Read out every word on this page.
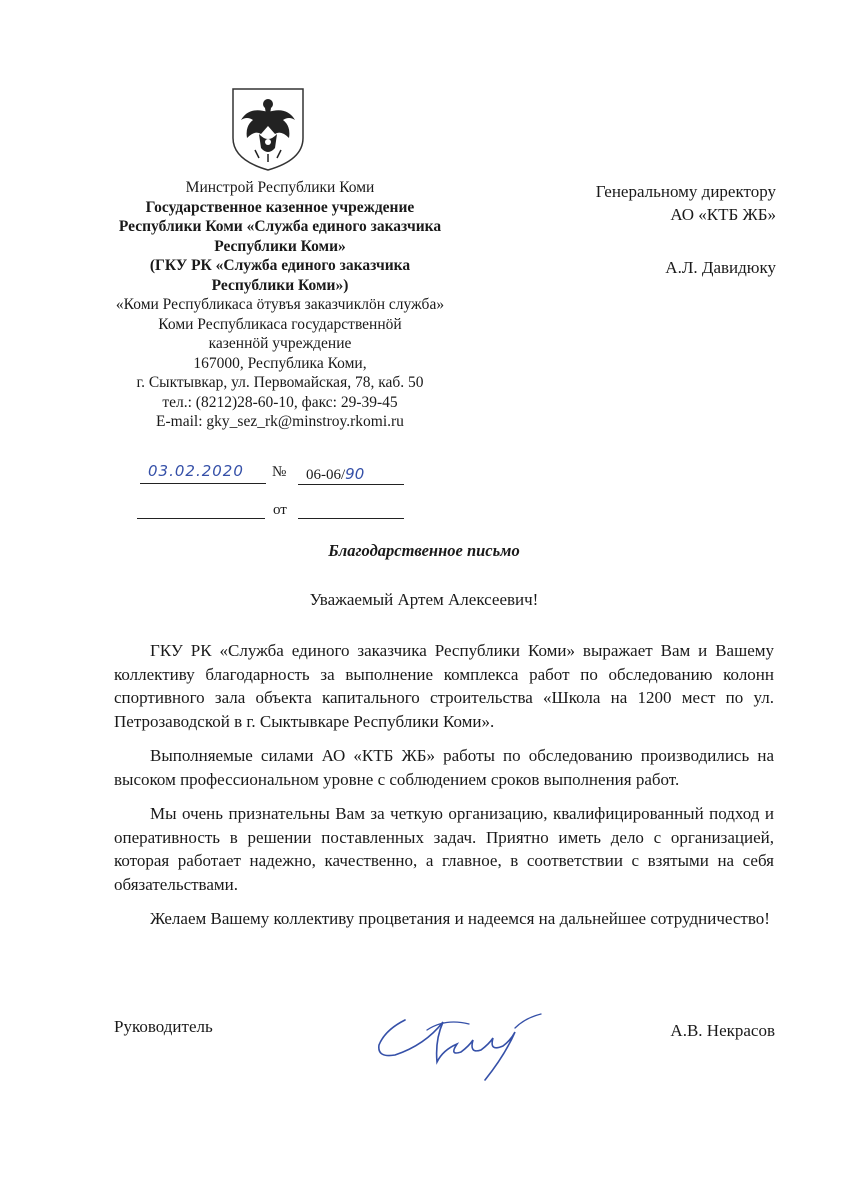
Минстрой Республики Коми
Государственное казенное учреждение
Республики Коми «Служба единого заказчика
Республики Коми»
(ГКУ РК «Служба единого заказчика
Республики Коми»)
«Коми Республикаса öтувъя заказчиклöн служба»
Коми Республикаса государственнöй
казеннöй учреждение
167000, Республика Коми,
г. Сыктывкар, ул. Первомайская, 78, каб. 50
тел.: (8212)28-60-10, факс: 29-39-45
E-mail: gky_sez_rk@minstroy.rkomi.ru
Генеральному директору
АО «КТБ ЖБ»
А.Л. Давидюку
03.02.2020 № 06-06/90
от
Благодарственное письмо
Уважаемый Артем Алексеевич!

ГКУ РК «Служба единого заказчика Республики Коми» выражает Вам и Вашему коллективу благодарность за выполнение комплекса работ по обследованию колонн спортивного зала объекта капитального строительства «Школа на 1200 мест по ул. Петрозаводской в г. Сыктывкаре Республики Коми».

Выполняемые силами АО «КТБ ЖБ» работы по обследованию производились на высоком профессиональном уровне с соблюдением сроков выполнения работ.

Мы очень признательны Вам за четкую организацию, квалифицированный подход и оперативность в решении поставленных задач. Приятно иметь дело с организацией, которая работает надежно, качественно, а главное, в соответствии с взятыми на себя обязательствами.

Желаем Вашему коллективу процветания и надеемся на дальнейшее сотрудничество!

Руководитель	А.В. Некрасов
